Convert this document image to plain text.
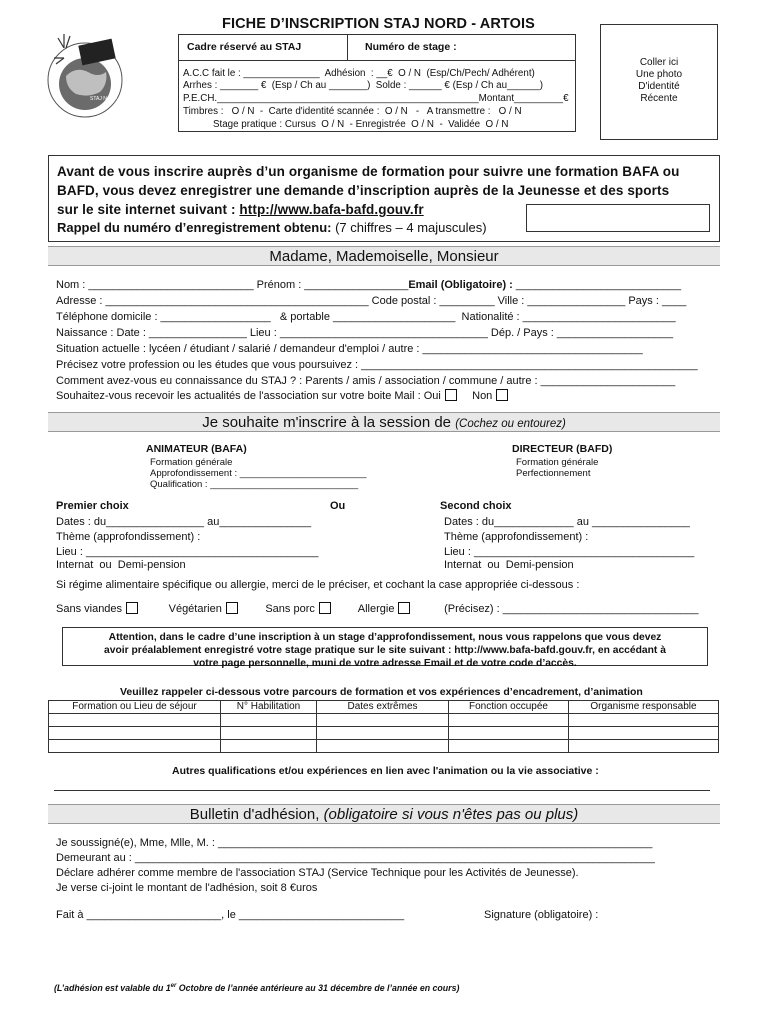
STAJ Nord - Artois
FICHE D’INSCRIPTION STAJ NORD - ARTOIS
Cadre réservé au STAJ	Numéro de stage :
A.C.C fait le : ______________  Adhésion  : __€  O / N  (Esp/Ch/Pech/ Adhérent)
Arrhes : _______ €  (Esp / Ch au _______)  Solde : ______ € (Esp / Ch au______)
P.E.CH.________________________________________________Montant_________€
Timbres :   O / N  -  Carte d'identité scannée :  O / N   -   A transmettre :   O / N
Stage pratique : Cursus  O / N  - Enregistrée  O / N  -  Validée  O / N
Coller ici
Une photo
D'identité
Récente
Avant de vous inscrire auprès d’un organisme de formation pour suivre une formation BAFA ou
BAFD, vous devez enregistrer une demande d’inscription auprès de la Jeunesse et des sports
sur le site internet suivant : http://www.bafa-bafd.gouv.fr
Rappel du numéro d’enregistrement obtenu: (7 chiffres – 4 majuscules)
Madame, Mademoiselle, Monsieur
Nom : ___________________________ Prénom : _________________Email (Obligatoire) : ___________________________
Adresse : ___________________________________________ Code postal : _________ Ville : ________________ Pays : ____
Téléphone domicile : __________________   & portable ____________________  Nationalité : _________________________
Naissance : Date : ________________ Lieu : __________________________________ Dép. / Pays : ___________________
Situation actuelle : lycéen / étudiant / salarié / demandeur d'emploi / autre : ____________________________________
Précisez votre profession ou les études que vous poursuivez : _______________________________________________________
Comment avez-vous eu connaissance du STAJ ? : Parents / amis / association / commune / autre : ______________________
Souhaitez-vous recevoir les actualités de l'association sur votre boite Mail : Oui	Non
Je souhaite m'inscrire à la session de (Cochez ou entourez)
ANIMATEUR (BAFA)
Formation générale
Approfondissement : ________________________
Qualification : ____________________________
DIRECTEUR (BAFD)
Formation générale
Perfectionnement
Premier choix	Ou	Second choix
Dates : du________________ au_______________
Thème (approfondissement) :
Lieu : ______________________________________
Internat  ou  Demi-pension
Dates : du_____________ au ________________
Thème (approfondissement) :
Lieu : ____________________________________
Internat  ou  Demi-pension
Si régime alimentaire spécifique ou allergie, merci de le préciser, et cochant la case appropriée ci-dessous :
Sans viandes	Végétarien	Sans porc	Allergie	(Précisez) : ________________________________
Attention, dans le cadre d’une inscription à un stage d’approfondissement, nous vous rappelons que vous devez
avoir préalablement enregistré votre stage pratique sur le site suivant : http://www.bafa-bafd.gouv.fr, en accédant à
votre page personnelle, muni de votre adresse Email et de votre code d’accès.
Veuillez rappeler ci-dessous votre parcours de formation et vos expériences d’encadrement, d’animation
Formation ou Lieu de séjour	N° Habilitation	Dates extrêmes	Fonction occupée	Organisme responsable

Autres qualifications et/ou expériences en lien avec l'animation ou la vie associative :
Bulletin d'adhésion, (obligatoire si vous n'êtes pas ou plus)
Je soussigné(e), Mme, Mlle, M. : _______________________________________________________________________
Demeurant au : _____________________________________________________________________________________
Déclare adhérer comme membre de l'association STAJ (Service Technique pour les Activités de Jeunesse).
Je verse ci-joint le montant de l'adhésion, soit 8 €uros
Fait à ______________________, le ___________________________	Signature (obligatoire) :
(L’adhésion est valable du 1er Octobre de l’année antérieure au 31 décembre de l’année en cours)
